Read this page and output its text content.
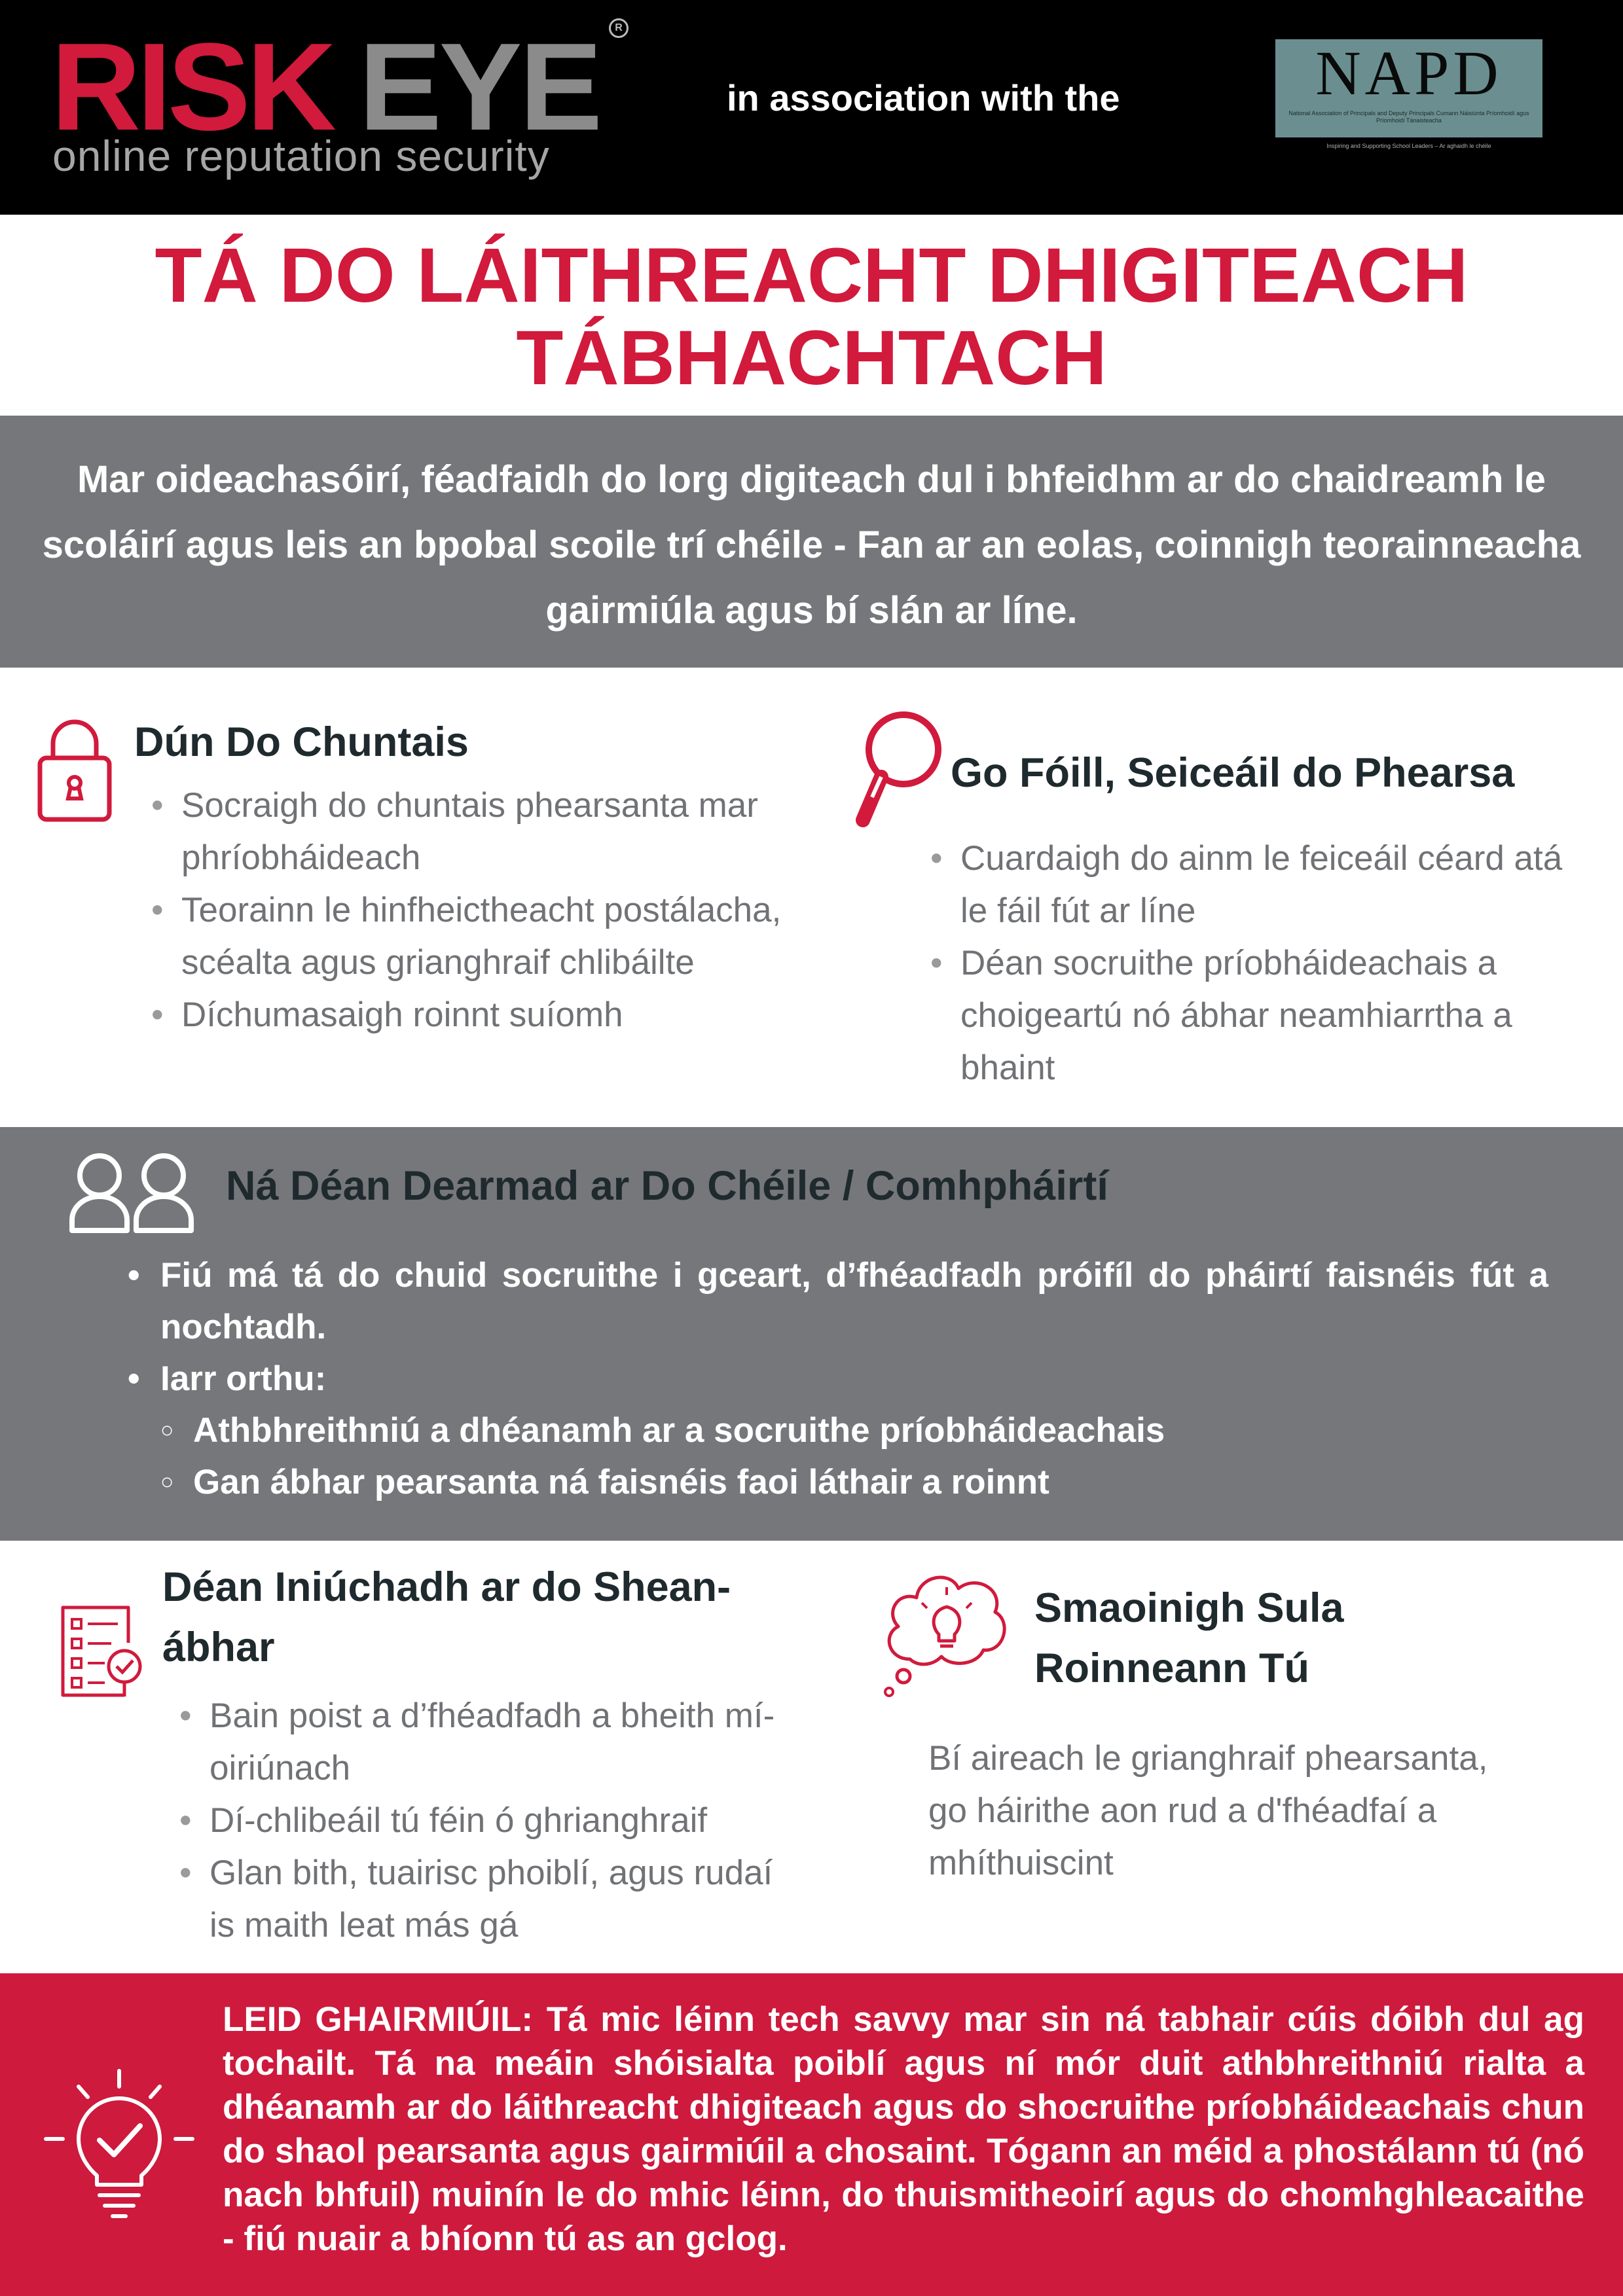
RISK EYE	R
online reputation security
in association with the	NAPD
National Association of Principals and Deputy Principals Cumann Náisiúnta Príomhoidí agus Príomhoidí Tánaisteacha
Inspiring and Supporting School Leaders – Ar aghaidh le chéile
TÁ DO LÁITHREACHT DHIGITEACH
TÁBHACHTACH
Mar oideachasóirí, féadfaidh do lorg digiteach dul i bhfeidhm ar do chaidreamh le scoláirí agus leis an bpobal scoile trí chéile - Fan ar an eolas, coinnigh teorainneacha gairmiúla agus bí slán ar líne.
Dún Do Chuntais
• Socraigh do chuntais phearsanta mar phríobháideach
• Teorainn le hinfheictheacht postálacha, scéalta agus grianghraif chlibáilte
• Díchumasaigh roinnt suíomh
Go Fóill, Seiceáil do Phearsa
• Cuardaigh do ainm le feiceáil céard atá le fáil fút ar líne
• Déan socruithe príobháideachais a choigeartú nó ábhar neamhiarrtha a bhaint
Ná Déan Dearmad ar Do Chéile / Comhpháirtí
• Fiú má tá do chuid socruithe i gceart, d’fhéadfadh próifíl do pháirtí faisnéis fút a nochtadh.
• Iarr orthu:
○ Athbhreithniú a dhéanamh ar a socruithe príobháideachais
○ Gan ábhar pearsanta ná faisnéis faoi láthair a roinnt
Déan Iniúchadh ar do Shean-
ábhar
• Bain poist a d’fhéadfadh a bheith mí-oiriúnach
• Dí-chlibeáil tú féin ó ghrianghraif
• Glan bith, tuairisc phoiblí, agus rudaí is maith leat más gá
Smaoinigh Sula
Roinneann Tú
Bí aireach le grianghraif phearsanta, go háirithe aon rud a d'fhéadfaí a mhíthuiscint
LEID GHAIRMIÚIL: Tá mic léinn tech savvy mar sin ná tabhair cúis dóibh dul ag tochailt. Tá na meáin shóisialta poiblí agus ní mór duit athbhreithniú rialta a dhéanamh ar do láithreacht dhigiteach agus do shocruithe príobháideachais chun do shaol pearsanta agus gairmiúil a chosaint. Tógann an méid a phostálann tú (nó nach bhfuil) muinín le do mhic léinn, do thuismitheoirí agus do chomhghleacaithe - fiú nuair a bhíonn tú as an gclog.
